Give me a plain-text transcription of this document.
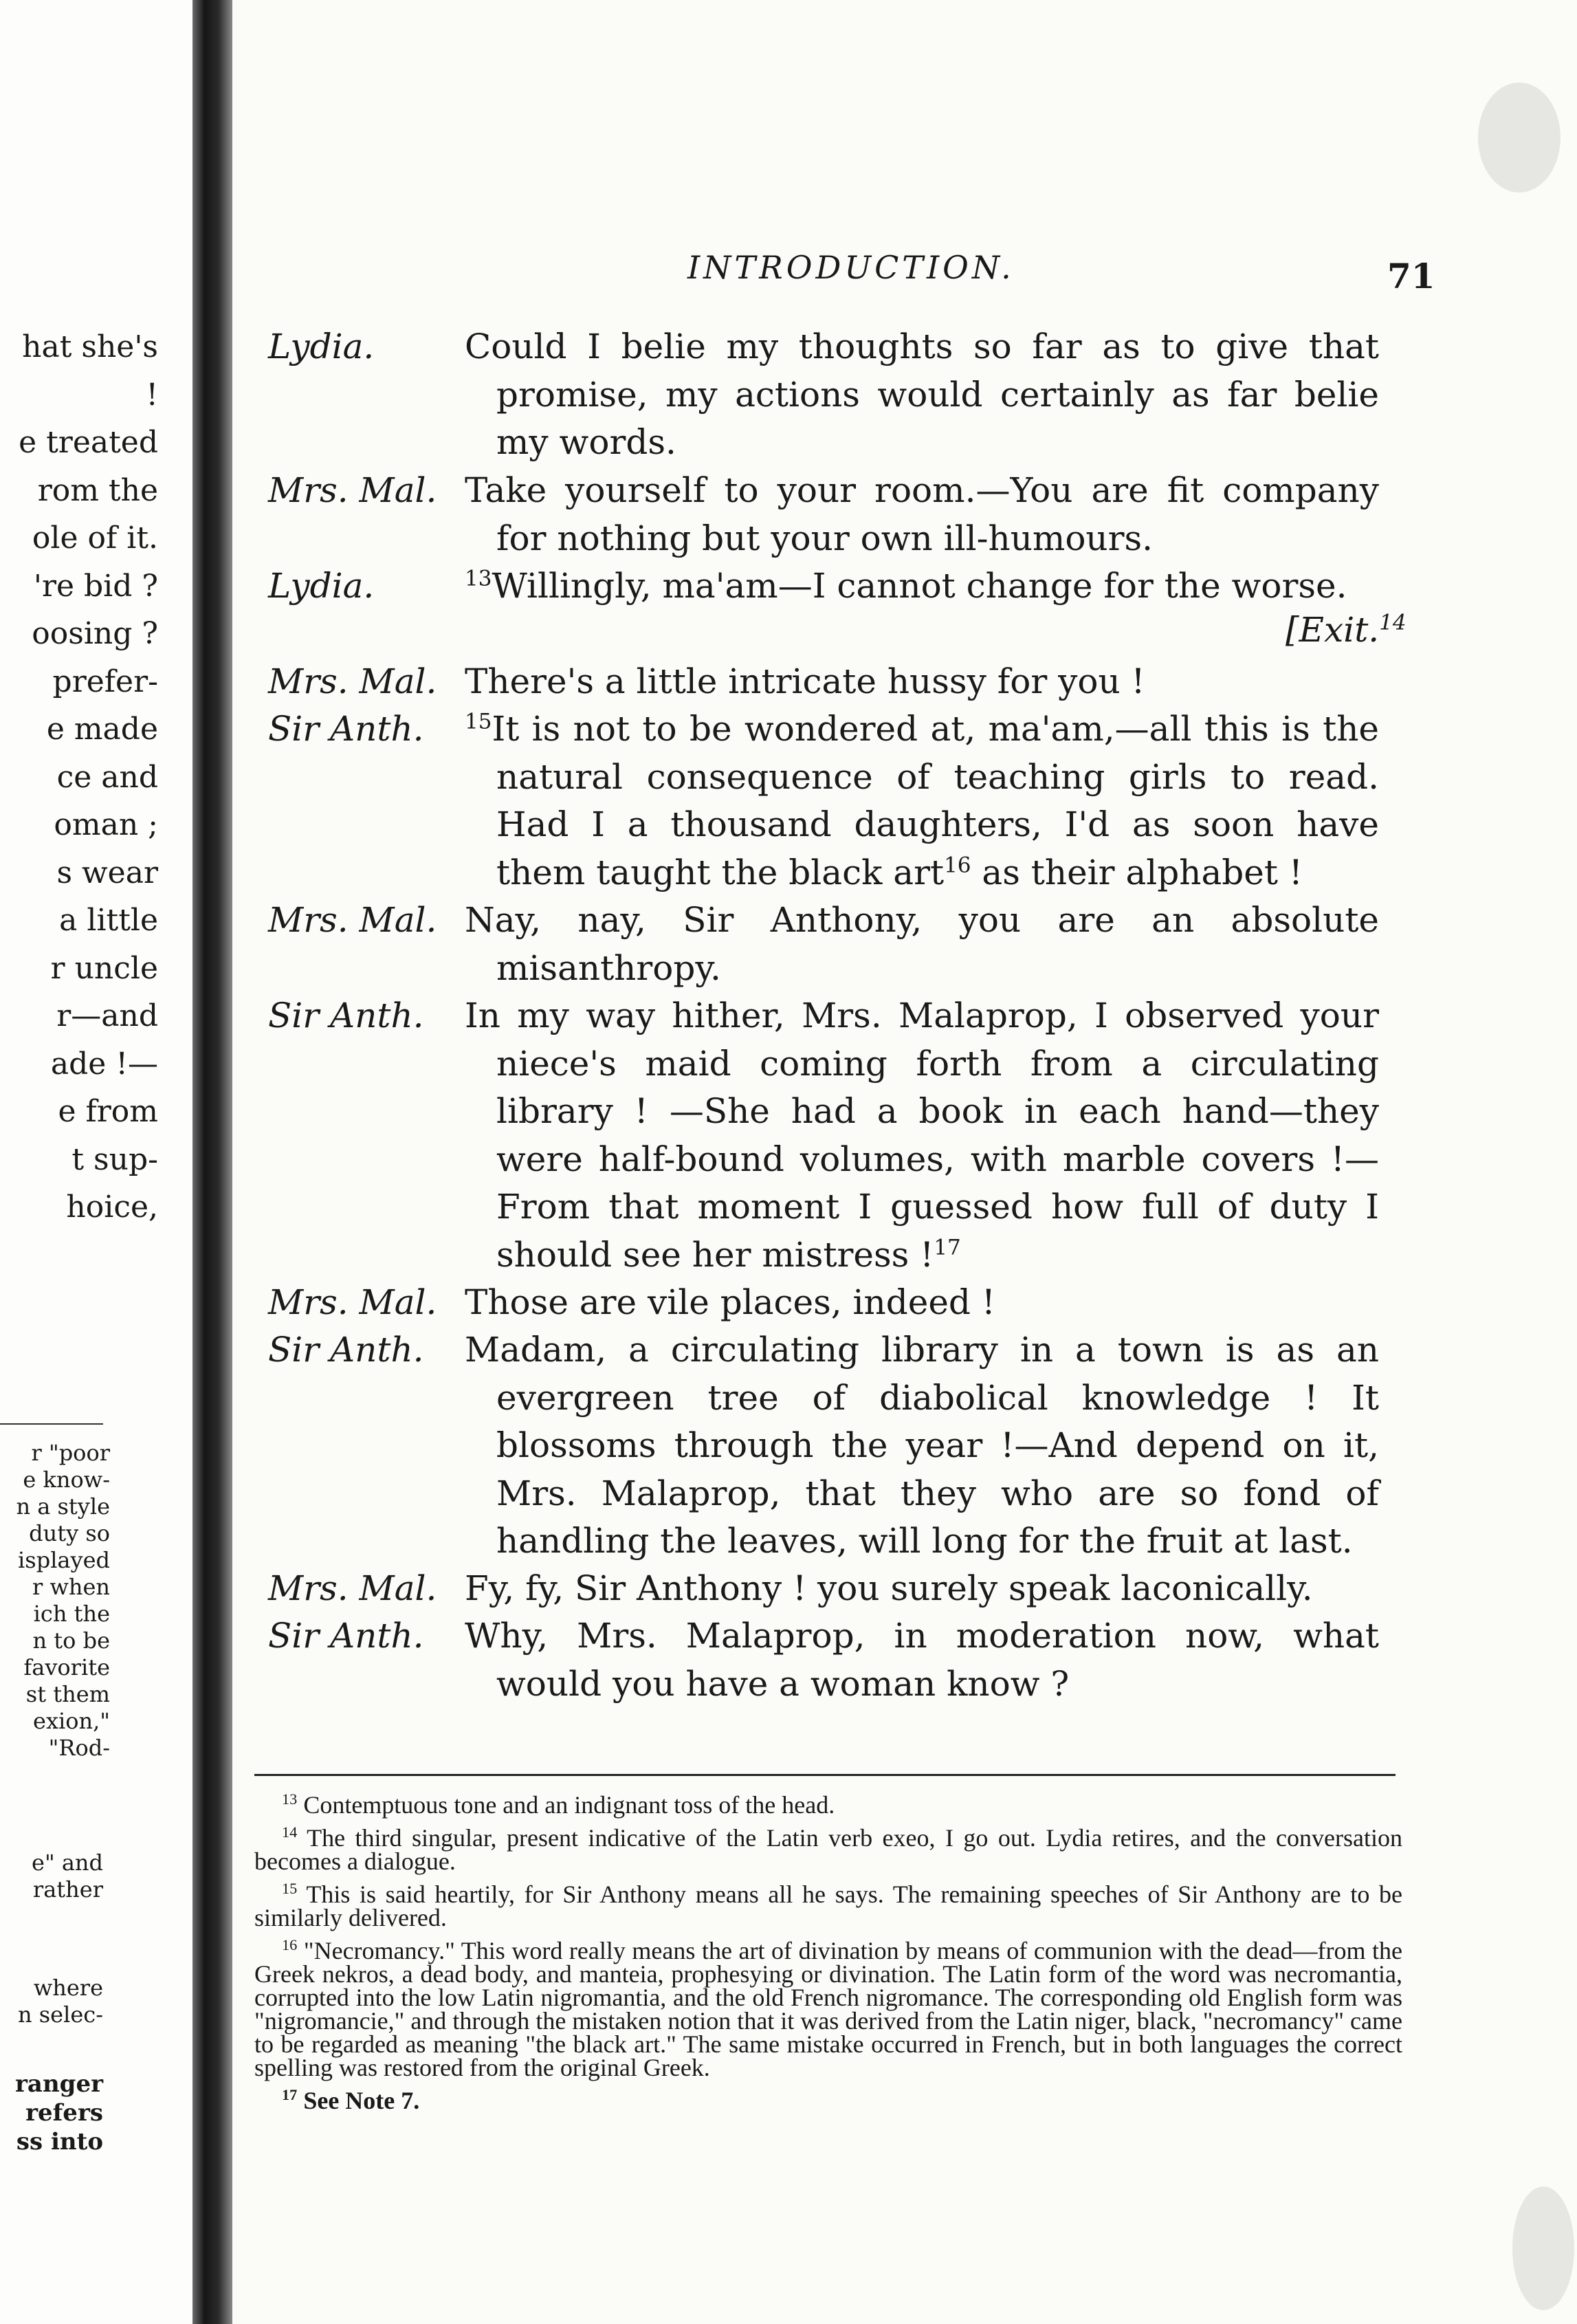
hat she's
!
e treated
rom the
ole of it.
're bid ?
oosing ?
prefer-
e made
ce and
oman ;
s wear
a little
r uncle
r—and
ade !—
e from
t sup-
hoice,
r "poor
e know-
n a style
duty so
isplayed
r when
ich the
n to be
favorite
st them
exion,"
"Rod-
e" and
rather
where
n selec-
ranger
refers
ss into
INTRODUCTION.	71
Lydia.	Could I belie my thoughts so far as to give that promise, my actions would certainly as far belie my words.
Mrs. Mal. Take yourself to your room.—You are fit company for nothing but your own ill-humours.
Lydia.	$^{13}$Willingly, ma'am—I cannot change for the worse.
[Exit.$^{14}$
Mrs. Mal. There's a little intricate hussy for you !
Sir Anth. $^{15}$It is not to be wondered at, ma'am,—all this is the natural consequence of teaching girls to read. Had I a thousand daughters, I'd as soon have them taught the black art$^{16}$ as their alphabet !
Mrs. Mal. Nay, nay, Sir Anthony, you are an absolute misanthropy.
Sir Anth. In my way hither, Mrs. Malaprop, I observed your niece's maid coming forth from a circulating library ! —She had a book in each hand—they were half-bound volumes, with marble covers !—From that moment I guessed how full of duty I should see her mistress !$^{17}$
Mrs. Mal. Those are vile places, indeed !
Sir Anth. Madam, a circulating library in a town is as an evergreen tree of diabolical knowledge ! It blossoms through the year !—And depend on it, Mrs. Malaprop, that they who are so fond of handling the leaves, will long for the fruit at last.
Mrs. Mal. Fy, fy, Sir Anthony ! you surely speak laconically.
Sir Anth. Why, Mrs. Malaprop, in moderation now, what would you have a woman know ?
$^{13}$ Contemptuous tone and an indignant toss of the head.
$^{14}$ The third singular, present indicative of the Latin verb exeo, I go out. Lydia retires, and the conversation becomes a dialogue.
$^{15}$ This is said heartily, for Sir Anthony means all he says. The remaining speeches of Sir Anthony are to be similarly delivered.
$^{16}$ "Necromancy." This word really means the art of divination by means of communion with the dead—from the Greek nekros, a dead body, and manteia, prophesying or divination. The Latin form of the word was necromantia, corrupted into the low Latin nigromantia, and the old French nigromance. The corresponding old English form was "nigromancie," and through the mistaken notion that it was derived from the Latin niger, black, "necromancy" came to be regarded as meaning "the black art." The same mistake occurred in French, but in both languages the correct spelling was restored from the original Greek.
$^{17}$ See Note 7.
